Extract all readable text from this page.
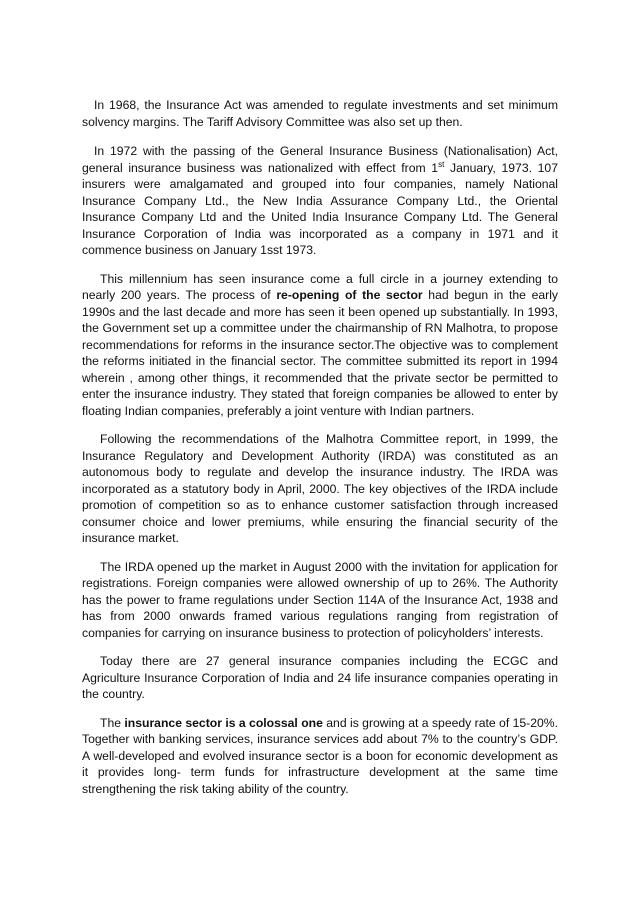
In 1968, the Insurance Act was amended to regulate investments and set minimum solvency margins. The Tariff Advisory Committee was also set up then.

In 1972 with the passing of the General Insurance Business (Nationalisation) Act, general insurance business was nationalized with effect from 1st January, 1973. 107 insurers were amalgamated and grouped into four companies, namely National Insurance Company Ltd., the New India Assurance Company Ltd., the Oriental Insurance Company Ltd and the United India Insurance Company Ltd. The General Insurance Corporation of India was incorporated as a company in 1971 and it commence business on January 1sst 1973.

This millennium has seen insurance come a full circle in a journey extending to nearly 200 years. The process of re-opening of the sector had begun in the early 1990s and the last decade and more has seen it been opened up substantially. In 1993, the Government set up a committee under the chairmanship of RN Malhotra, to propose recommendations for reforms in the insurance sector.The objective was to complement the reforms initiated in the financial sector. The committee submitted its report in 1994 wherein , among other things, it recommended that the private sector be permitted to enter the insurance industry. They stated that foreign companies be allowed to enter by floating Indian companies, preferably a joint venture with Indian partners.

Following the recommendations of the Malhotra Committee report, in 1999, the Insurance Regulatory and Development Authority (IRDA) was constituted as an autonomous body to regulate and develop the insurance industry. The IRDA was incorporated as a statutory body in April, 2000. The key objectives of the IRDA include promotion of competition so as to enhance customer satisfaction through increased consumer choice and lower premiums, while ensuring the financial security of the insurance market.

The IRDA opened up the market in August 2000 with the invitation for application for registrations. Foreign companies were allowed ownership of up to 26%. The Authority has the power to frame regulations under Section 114A of the Insurance Act, 1938 and has from 2000 onwards framed various regulations ranging from registration of companies for carrying on insurance business to protection of policyholders’ interests.

Today there are 27 general insurance companies including the ECGC and Agriculture Insurance Corporation of India and 24 life insurance companies operating in the country.

The insurance sector is a colossal one and is growing at a speedy rate of 15-20%. Together with banking services, insurance services add about 7% to the country’s GDP. A well-developed and evolved insurance sector is a boon for economic development as it provides long- term funds for infrastructure development at the same time strengthening the risk taking ability of the country.
